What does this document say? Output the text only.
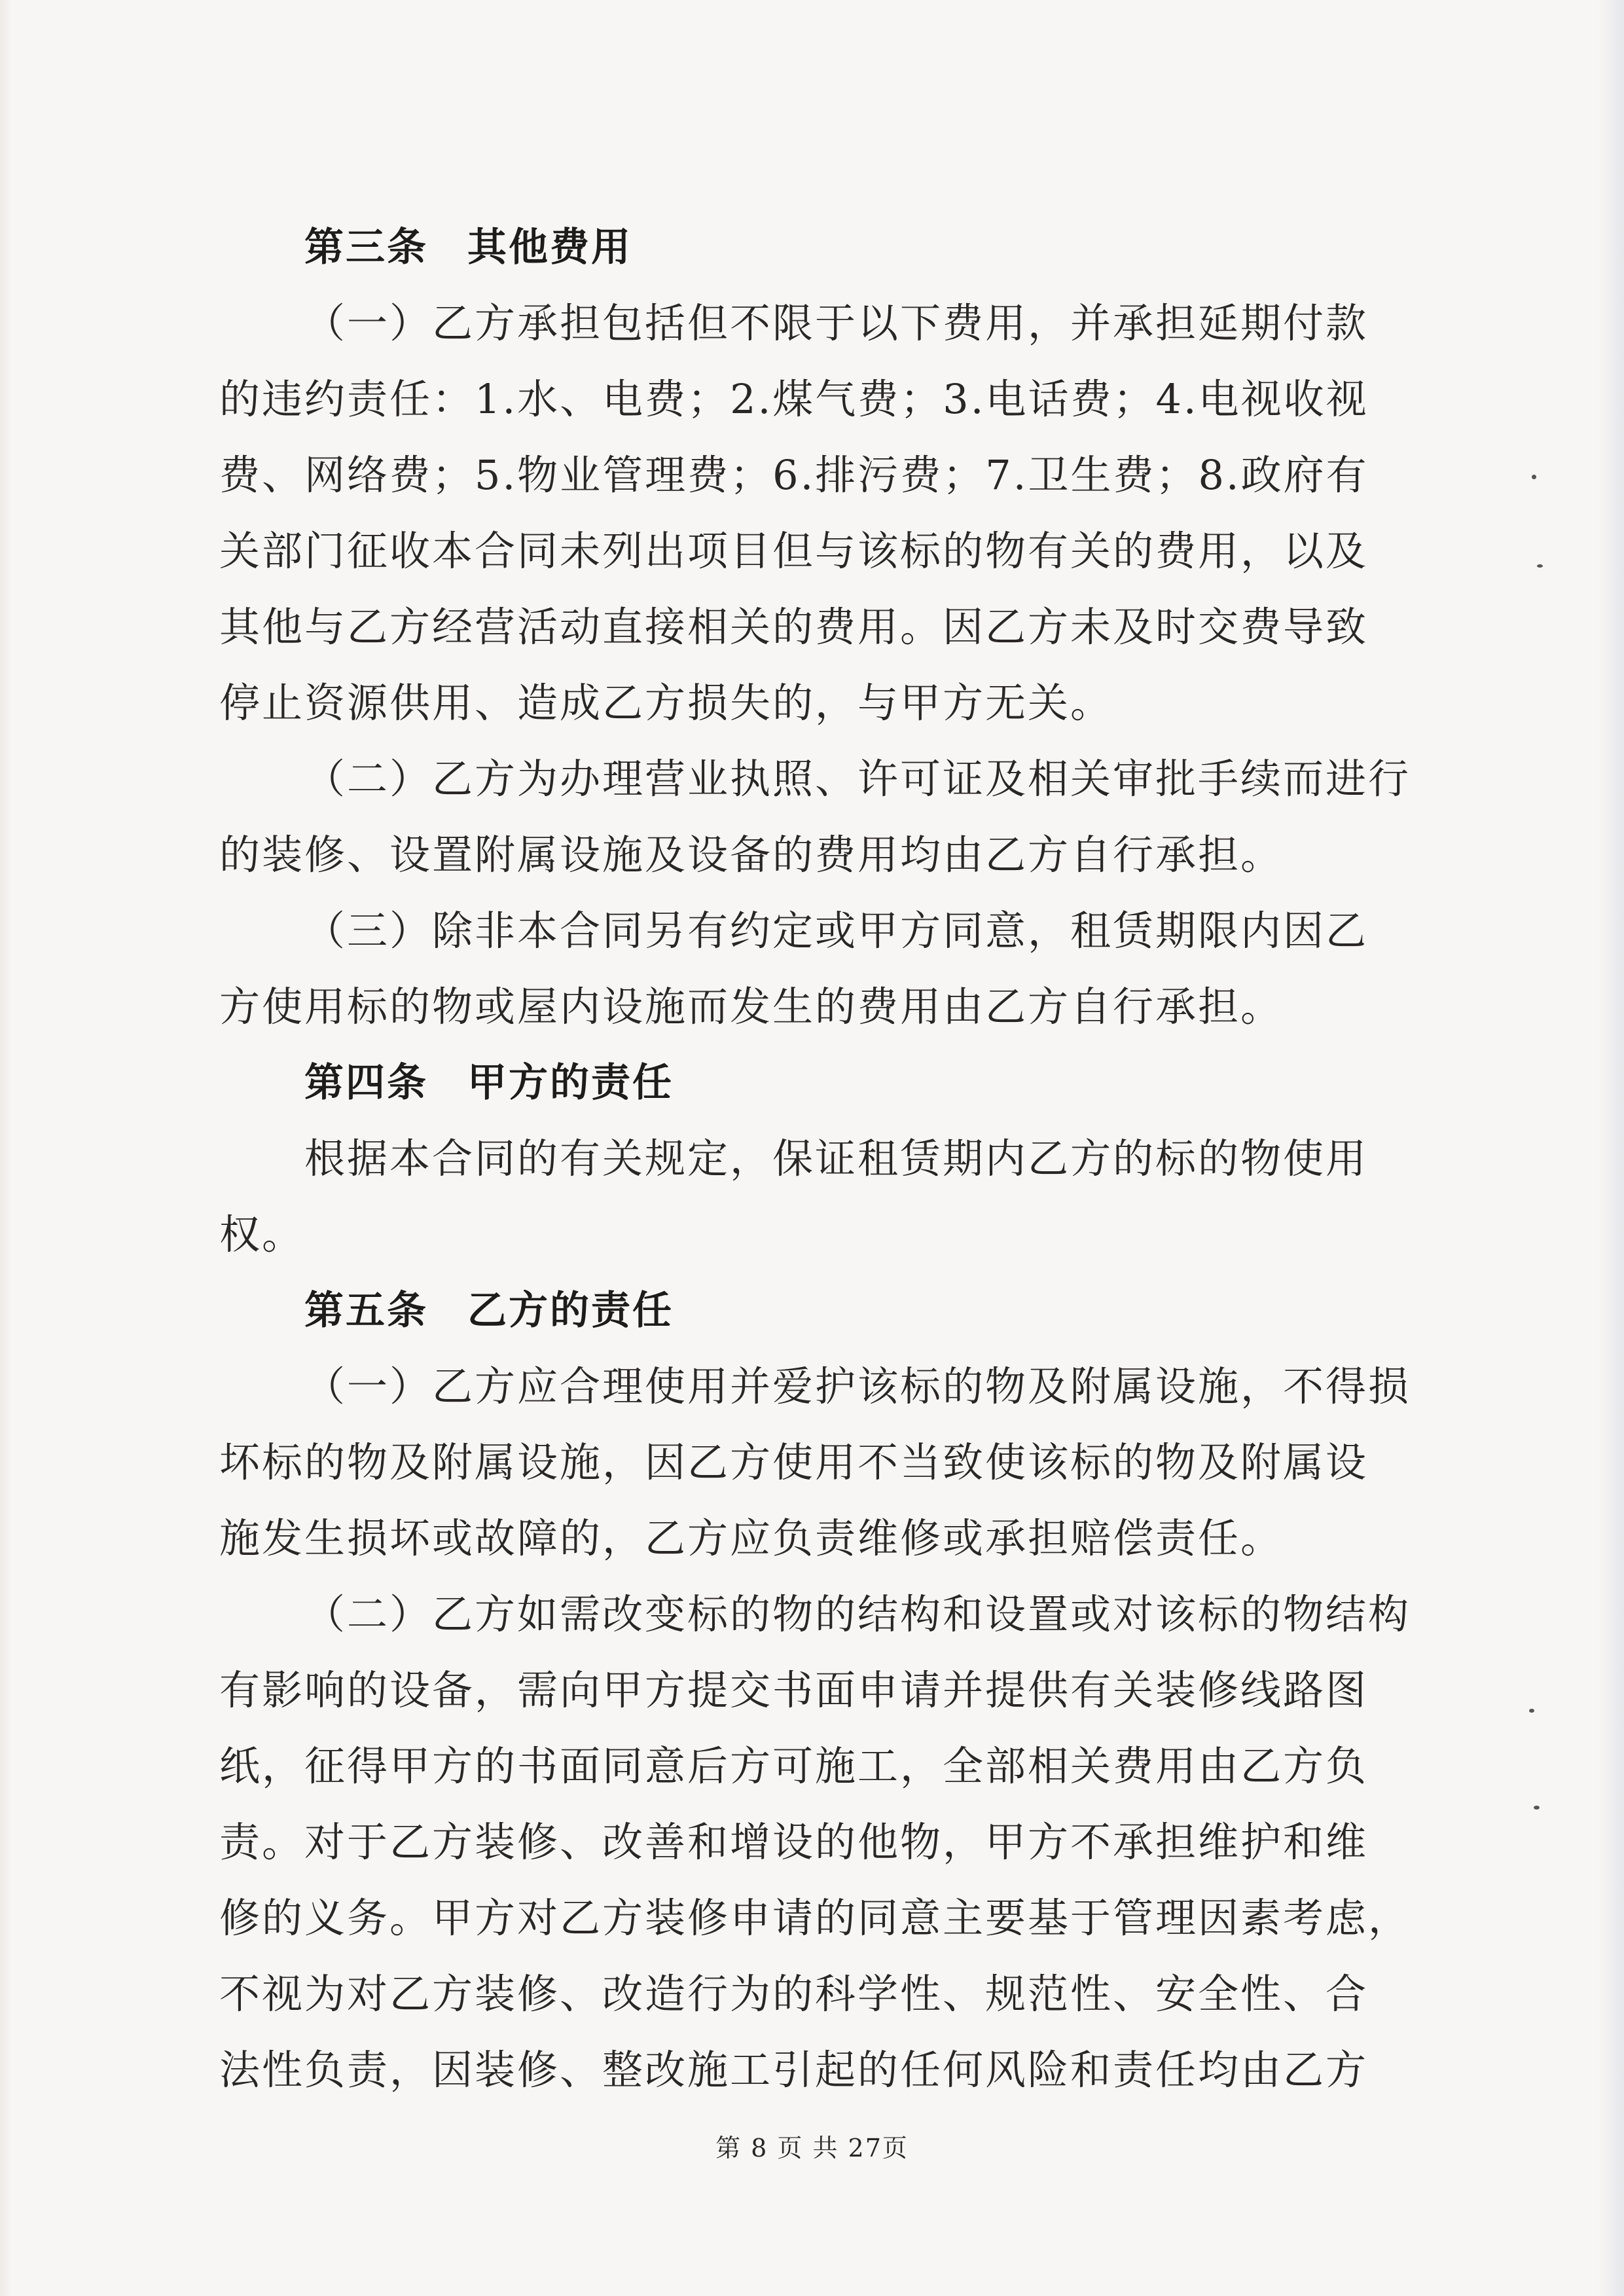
第三条 其他费用
（一）乙方承担包括但不限于以下费用，并承担延期付款
的违约责任：1.水、电费；2.煤气费；3.电话费；4.电视收视
费、网络费；5.物业管理费；6.排污费；7.卫生费；8.政府有
关部门征收本合同未列出项目但与该标的物有关的费用，以及
其他与乙方经营活动直接相关的费用。因乙方未及时交费导致
停止资源供用、造成乙方损失的，与甲方无关。
（二）乙方为办理营业执照、许可证及相关审批手续而进行
的装修、设置附属设施及设备的费用均由乙方自行承担。
（三）除非本合同另有约定或甲方同意，租赁期限内因乙
方使用标的物或屋内设施而发生的费用由乙方自行承担。
第四条 甲方的责任
根据本合同的有关规定，保证租赁期内乙方的标的物使用
权。
第五条 乙方的责任
（一）乙方应合理使用并爱护该标的物及附属设施，不得损
坏标的物及附属设施，因乙方使用不当致使该标的物及附属设
施发生损坏或故障的，乙方应负责维修或承担赔偿责任。
（二）乙方如需改变标的物的结构和设置或对该标的物结构
有影响的设备，需向甲方提交书面申请并提供有关装修线路图
纸，征得甲方的书面同意后方可施工，全部相关费用由乙方负
责。对于乙方装修、改善和增设的他物，甲方不承担维护和维
修的义务。甲方对乙方装修申请的同意主要基于管理因素考虑，
不视为对乙方装修、改造行为的科学性、规范性、安全性、合
法性负责，因装修、整改施工引起的任何风险和责任均由乙方
第 8 页 共 27页
